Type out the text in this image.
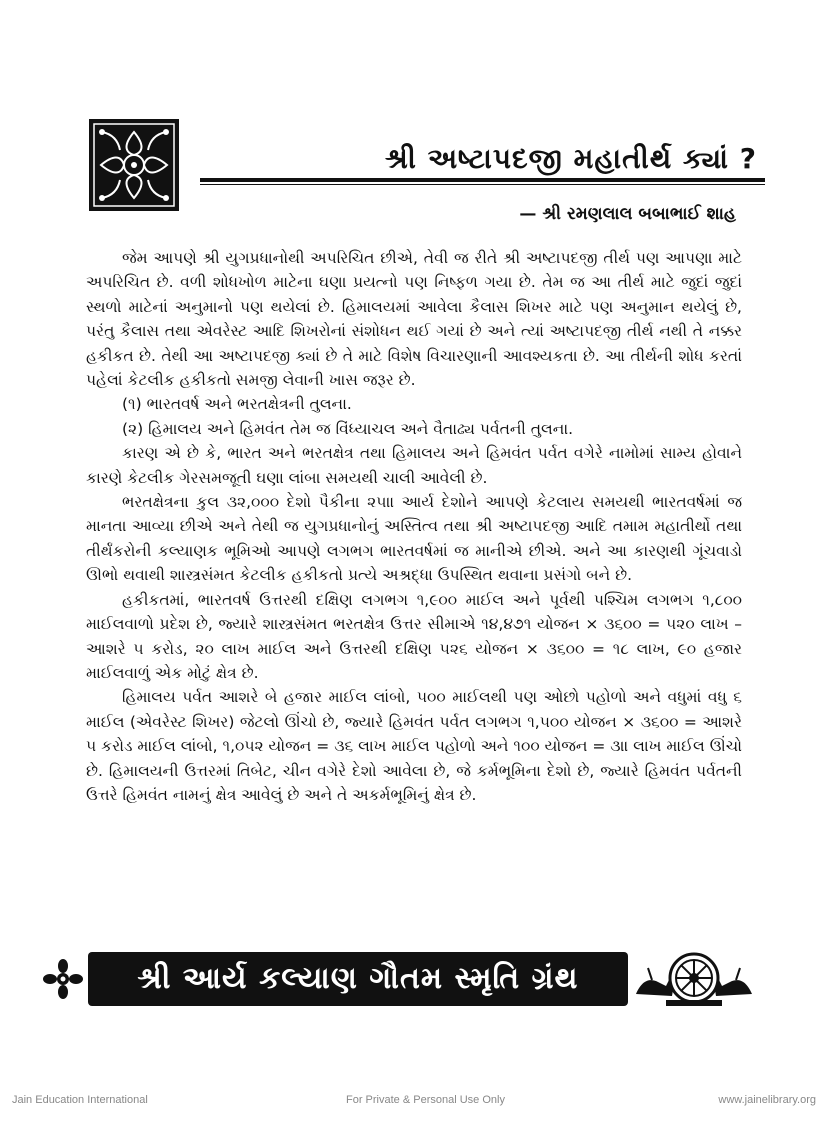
શ્રી અષ્ટાપદજી મહાતીર્થ ક્યાં ?
— શ્રી રમણલાલ બબાભાઈ શાહ

જેમ આપણે શ્રી યુગપ્રધાનોથી અપરિચિત છીએ, તેવી જ રીતે શ્રી અષ્ટાપદજી તીર્થ પણ આપણા માટે અપરિચિત છે. વળી શોધખોળ માટેના ઘણા પ્રયત્નો પણ નિષ્ફળ ગયા છે. તેમ જ આ તીર્થ માટે જુદાં જુદાં સ્થળો માટેનાં અનુમાનો પણ થયેલાં છે. હિમાલયમાં આવેલા કૈલાસ શિખર માટે પણ અનુમાન થયેલું છે, પરંતુ કૈલાસ તથા એવરેસ્ટ આદિ શિખરોનાં સંશોધન થઈ ગયાં છે અને ત્યાં અષ્ટાપદજી તીર્થ નથી તે નક્કર હકીકત છે. તેથી આ અષ્ટાપદજી ક્યાં છે તે માટે વિશેષ વિચારણાની આવશ્યકતા છે. આ તીર્થની શોધ કરતાં પહેલાં કેટલીક હકીકતો સમજી લેવાની ખાસ જરૂર છે.

(૧) ભારતવર્ષ અને ભરતક્ષેત્રની તુલના.

(૨) હિમાલય અને હિમવંત તેમ જ વિંધ્યાચલ અને વૈતાઢ્ય પર્વતની તુલના.

કારણ એ છે કે, ભારત અને ભરતક્ષેત્ર તથા હિમાલય અને હિમવંત પર્વત વગેરે નામોમાં સામ્ય હોવાને કારણે કેટલીક ગેરસમજૂતી ઘણા લાંબા સમયથી ચાલી આવેલી છે.

ભરતક્ષેત્રના કુલ ૩૨,૦૦૦ દેશો પૈકીના ૨૫ાા આર્ય દેશોને આપણે કેટલાય સમયથી ભારતવર્ષમાં જ માનતા આવ્યા છીએ અને તેથી જ યુગપ્રધાનોનું અસ્તિત્વ તથા શ્રી અષ્ટાપદજી આદિ તમામ મહાતીર્થો તથા તીર્થંકરોની કલ્યાણક ભૂમિઓ આપણે લગભગ ભારતવર્ષમાં જ માનીએ છીએ. અને આ કારણથી ગૂંચવાડો ઊભો થવાથી શાસ્ત્રસંમત કેટલીક હકીકતો પ્રત્યે અશ્રદ્ધા ઉપસ્થિત થવાના પ્રસંગો બને છે.

હકીકતમાં, ભારતવર્ષ ઉત્તરથી દક્ષિણ લગભગ ૧,૯૦૦ માઈલ અને પૂર્વથી પશ્ચિમ લગભગ ૧,૮૦૦ માઈલવાળો પ્રદેશ છે, જ્યારે શાસ્ત્રસંમત ભરતક્ષેત્ર ઉત્તર સીમાએ ૧૪,૪૭૧ યોજન × ૩૬૦૦ = ૫૨૦ લાખ – આશરે ૫ કરોડ, ૨૦ લાખ માઈલ અને ઉત્તરથી દક્ષિણ ૫૨૬ યોજન × ૩૬૦૦ = ૧૮ લાખ, ૯૦ હજાર માઈલવાળું એક મોટું ક્ષેત્ર છે.

હિમાલય પર્વત આશરે બે હજાર માઈલ લાંબો, ૫૦૦ માઈલથી પણ ઓછો પહોળો અને વધુમાં વધુ ૬ માઈલ (એવરેસ્ટ શિખર) જેટલો ઊંચો છે, જ્યારે હિમવંત પર્વત લગભગ ૧,૫૦૦ યોજન × ૩૬૦૦ = આશરે ૫ કરોડ માઈલ લાંબો, ૧,૦૫૨ યોજન = ૩૬ લાખ માઈલ પહોળો અને ૧૦૦ યોજન = ૩ાા લાખ માઈલ ઊંચો છે. હિમાલયની ઉત્તરમાં તિબેટ, ચીન વગેરે દેશો આવેલા છે, જે કર્મભૂમિના દેશો છે, જ્યારે હિમવંત પર્વતની ઉત્તરે હિમવંત નામનું ક્ષેત્ર આવેલું છે અને તે અકર્મભૂમિનું ક્ષેત્ર છે.

શ્રી આર્ય કલ્યાણ ગૌતમ સ્મૃતિ ગ્રંથ
Jain Education International	For Private & Personal Use Only	www.jainelibrary.org
